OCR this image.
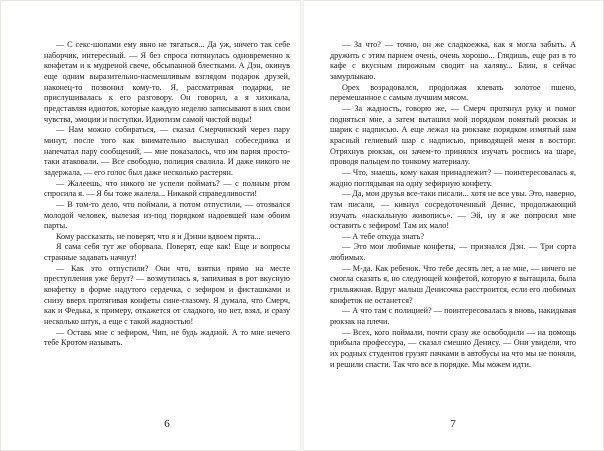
— С секс-шопами ему явно не тягаться... Да уж, ничего так себе наборчик, интересный. — Я без спроса потянулась одновременно к конфетам и к мудреной свече, обсыпанной блестками. А Дэн, окинув еще одним выразительно-насмешливым взглядом подарок друзей, наконец-то позвонил кому-то. Я, рассматривая подарки, не прислушивалась к его разговору. Он говорил, а я хихикала, представляя идиотов, которые каждую неделю записывают в них свои чувства, эмоции и поступки. Идиотизм самой чистой воды!

— Нам можно собираться, — сказал Смерчинский через пару минут, после того как внимательно выслушал собеседника и напечатал пару сообщений, — мне показалось, что им парня просто-таки атаковали. — Все свободно, полиция свалила. И даже никого не задержала, — его голос был даже несколько растерян.

— Жалеешь, что никого не успели поймать? — с полным ртом спросила я. — Я бы тоже жалела... Никакой справедливости!

— В том-то дело, что поймали, а потом отпустили, — отозвался молодой человек, вылезая из-под порядком надоевшей нам обоим парты.

Кому рассказать, не поверят, что я и Дэнни вдвоем прята...

Я сама себя тут же оборвала. Поверят, еще как! Еще и вопросы странные задавать начнут!

— Как это отпустили? Они что, взятки прямо на месте преступления уже берут? — возмутилась я, запихивая в рот вкусную конфетку в форме надутого сердечка, с зефиром и фисташками и снизу вверх протягивая конфеты сине-глазому. Я думала, что Смерч, как и Федька, к примеру, откажется от сладкого, но нет, взял, и сразу несколько штук, а еще с такой жадностью!

— Оставь мне с зефиром, Чип, не будь жадной. А то мне нечего тебе Кротом называть.

6

— За что? — точно, он же сладкоежка, как я могла забыть. А дружить с этим парнем очень, очень хорошо... Глядишь, еще раз в то кафе с вкусным пирожным сводит на халяву... Блин, я сейчас замурлыкаю.

Орех возрадовался, продолжая клевать золотое пшено, перемешанное с самым лучшим мясом.

— За жадность, говорю же, — Смерч протянул руку и помог подняться мне, а затем выташил мой порядком помятый рюкзак и шарик с надписью. А еще лежал на рюкзаке порядком измятый нам красный гелиевый шар с надписью, приводящей меня в восторг. Отряхнув рюкзак, он зачем-то принялся изучать роспись на шаре, проводя пальцем по тонкому материалу.

— Что, знаешь, кому какая принадлежит? — поинтересовалась я, жадно поглядывая на одну зефирную конфету.

— Да, мои друзья все-таки писали... хотя не все увы. Это, наверно, там писали, — кивнул сосредоточенный Денис, продолжающий изучать «наскальную живопись». — Эй, ну я же попросил мне оставить с зефиром! Там их мало!

— А тебе откуда знать?

— Это мои любимые конфеты, — признался Дэн. — Три сорта любимых.

— М-да. Как ребенок. Что тебе десять лет, а не мне, — ничего не смогла сказать я, но следующей конфетой, которую я вытащила, была грильяжная. Вдруг малыш Денисочка расстроится, если его любимых конфеток не останется?

— А что там с полицией? — поинтересовалась я вновь, накидывая рюкзак на плечи.

— Всех, кого поймали, почти сразу же освободили — на помощь прибыла профессура, — сказал смешно Денису. — Они увидели, что их родных студентов грузят пачками в автобусы на что мы не поняли, и решили спасти. Так что все в порядке. Мы можем идти.

7
